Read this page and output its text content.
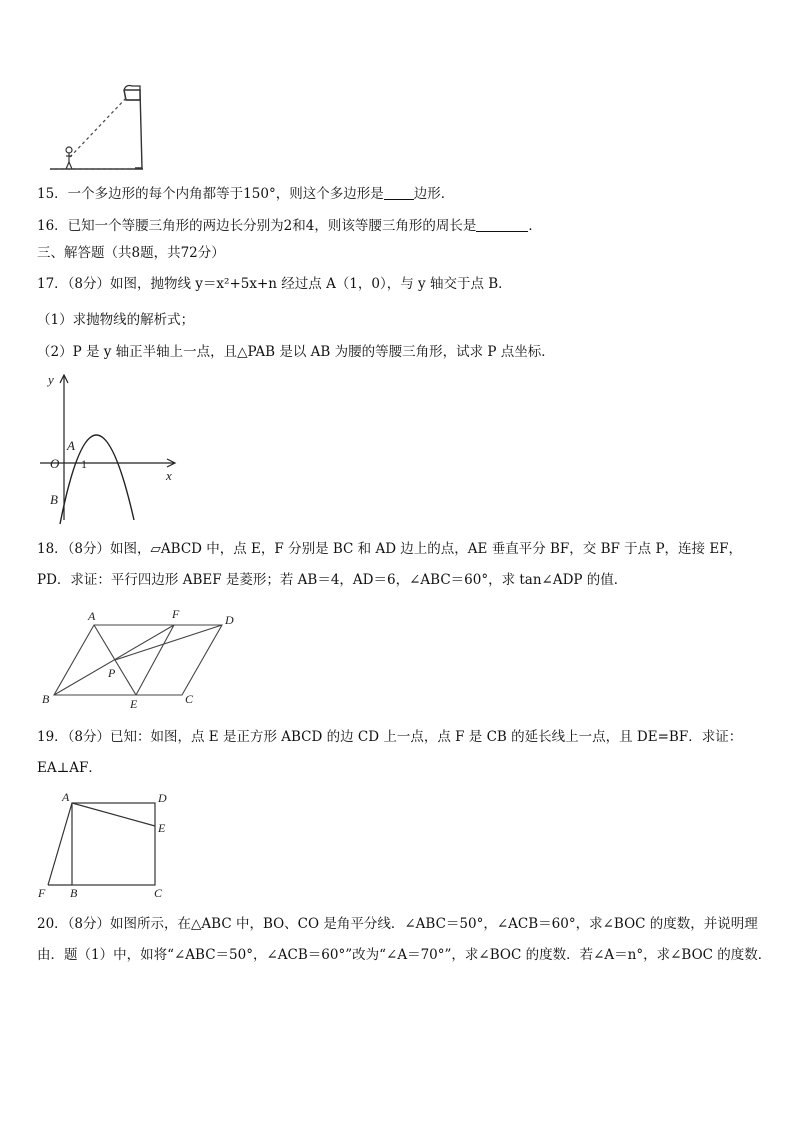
15．一个多边形的每个内角都等于150°，则这个多边形是 边形．
16．已知一个等腰三角形的两边长分别为2和4，则该等腰三角形的周长是	．
三、解答题（共8题，共72分）
17．（8分）如图，抛物线 y＝x²+5x+n 经过点 A（1，0），与 y 轴交于点 B．
（1）求抛物线的解析式；
（2）P 是 y 轴正半轴上一点，且△PAB 是以 AB 为腰的等腰三角形，试求 P 点坐标．
y
x
O
A
1
B
18．（8分）如图，▱ABCD 中，点 E，F 分别是 BC 和 AD 边上的点，AE 垂直平分 BF，交 BF 于点 P，连接 EF，
PD．求证：平行四边形 ABEF 是菱形；若 AB＝4，AD＝6，∠ABC＝60°，求 tan∠ADP 的值．
A	F	D
P
B	E	C
19．（8分）已知：如图，点 E 是正方形 ABCD 的边 CD 上一点，点 F 是 CB 的延长线上一点，且 DE=BF．求证：
EA⊥AF．
A	D
E
F B	C
20．（8分）如图所示，在△ABC 中，BO、CO 是角平分线．∠ABC＝50°，∠ACB＝60°，求∠BOC 的度数，并说明理
由．题（1）中，如将“∠ABC＝50°，∠ACB＝60°”改为“∠A＝70°”，求∠BOC 的度数．若∠A＝n°，求∠BOC 的度数．
